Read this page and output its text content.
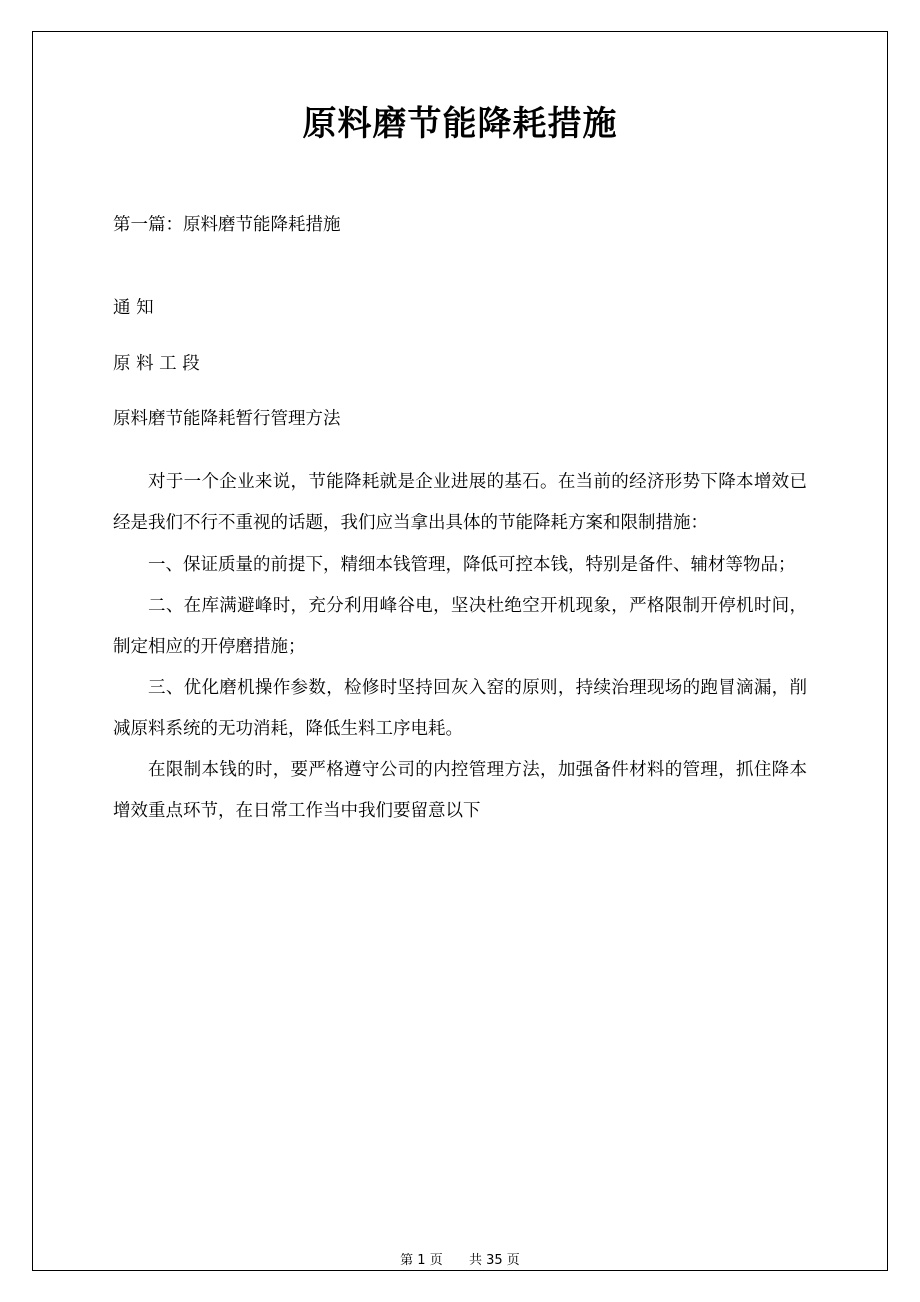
原料磨节能降耗措施

第一篇：原料磨节能降耗措施

通 知

原 料 工 段

原料磨节能降耗暂行管理方法

对于一个企业来说，节能降耗就是企业进展的基石。在当前的经济形势下降本增效已经是我们不行不重视的话题，我们应当拿出具体的节能降耗方案和限制措施：

一、保证质量的前提下，精细本钱管理，降低可控本钱，特别是备件、辅材等物品；

二、在库满避峰时，充分利用峰谷电，坚决杜绝空开机现象，严格限制开停机时间，制定相应的开停磨措施；

三、优化磨机操作参数，检修时坚持回灰入窑的原则，持续治理现场的跑冒滴漏，削减原料系统的无功消耗，降低生料工序电耗。

在限制本钱的时，要严格遵守公司的内控管理方法，加强备件材料的管理，抓住降本增效重点环节，在日常工作当中我们要留意以下

第 1 页 共 35 页
